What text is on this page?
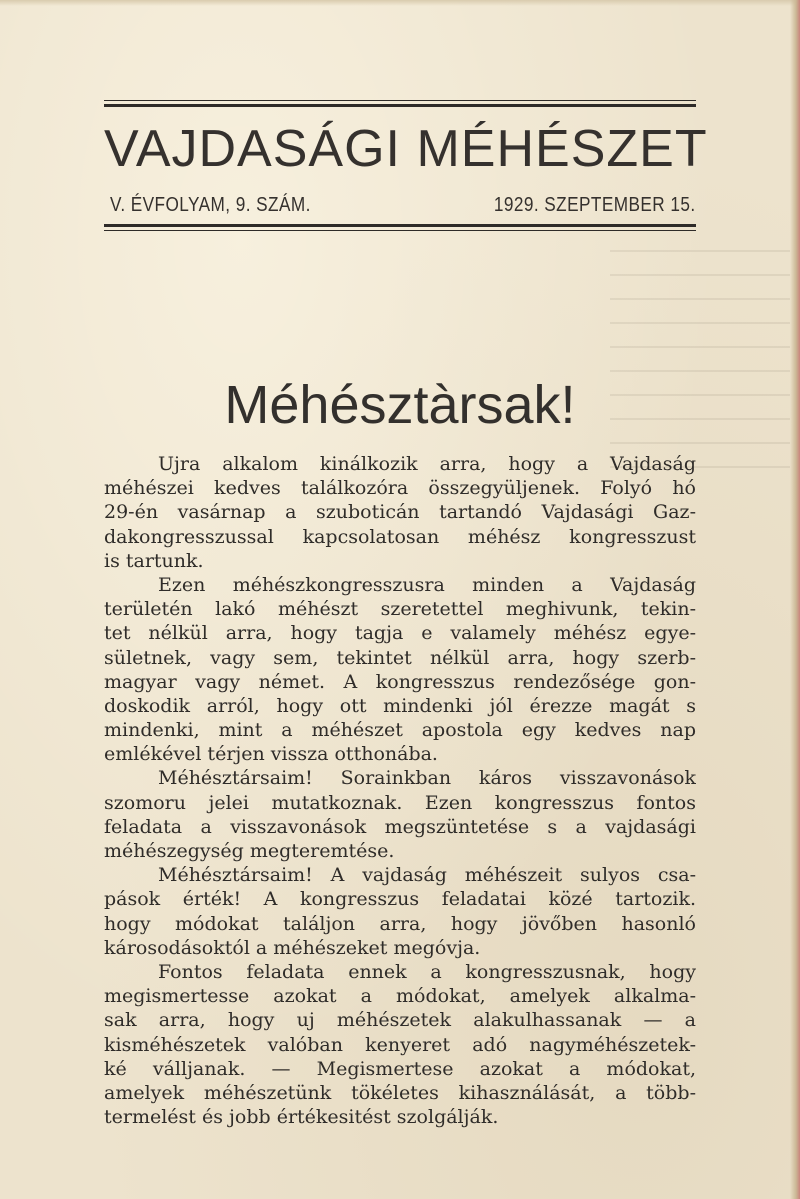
VAJDASÁGI MÉHÉSZET
V. ÉVFOLYAM, 9. SZÁM.	1929. SZEPTEMBER 15.
Méhésztàrsak!
Ujra alkalom kinálkozik arra, hogy a Vajdaság
méhészei kedves találkozóra összegyüljenek. Folyó hó
29-én vasárnap a szuboticán tartandó Vajdasági Gaz-
dakongresszussal kapcsolatosan méhész kongresszust
is tartunk.
Ezen méhészkongresszusra minden a Vajdaság
területén lakó méhészt szeretettel meghivunk, tekin-
tet nélkül arra, hogy tagja e valamely méhész egye-
sületnek, vagy sem, tekintet nélkül arra, hogy szerb-
magyar vagy német. A kongresszus rendezősége gon-
doskodik arról, hogy ott mindenki jól érezze magát s
mindenki, mint a méhészet apostola egy kedves nap
emlékével térjen vissza otthonába.
Méhésztársaim! Sorainkban káros visszavonások
szomoru jelei mutatkoznak. Ezen kongresszus fontos
feladata a visszavonások megszüntetése s a vajdasági
méhészegység megteremtése.
Méhésztársaim! A vajdaság méhészeit sulyos csa-
pások érték! A kongresszus feladatai közé tartozik.
hogy módokat találjon arra, hogy jövőben hasonló
károsodásoktól a méhészeket megóvja.
Fontos feladata ennek a kongresszusnak, hogy
megismertesse azokat a módokat, amelyek alkalma-
sak arra, hogy uj méhészetek alakulhassanak — a
kisméhészetek valóban kenyeret adó nagyméhészetek-
ké válljanak. — Megismertese azokat a módokat,
amelyek méhészetünk tökéletes kihasználását, a több-
termelést és jobb értékesitést szolgálják.
